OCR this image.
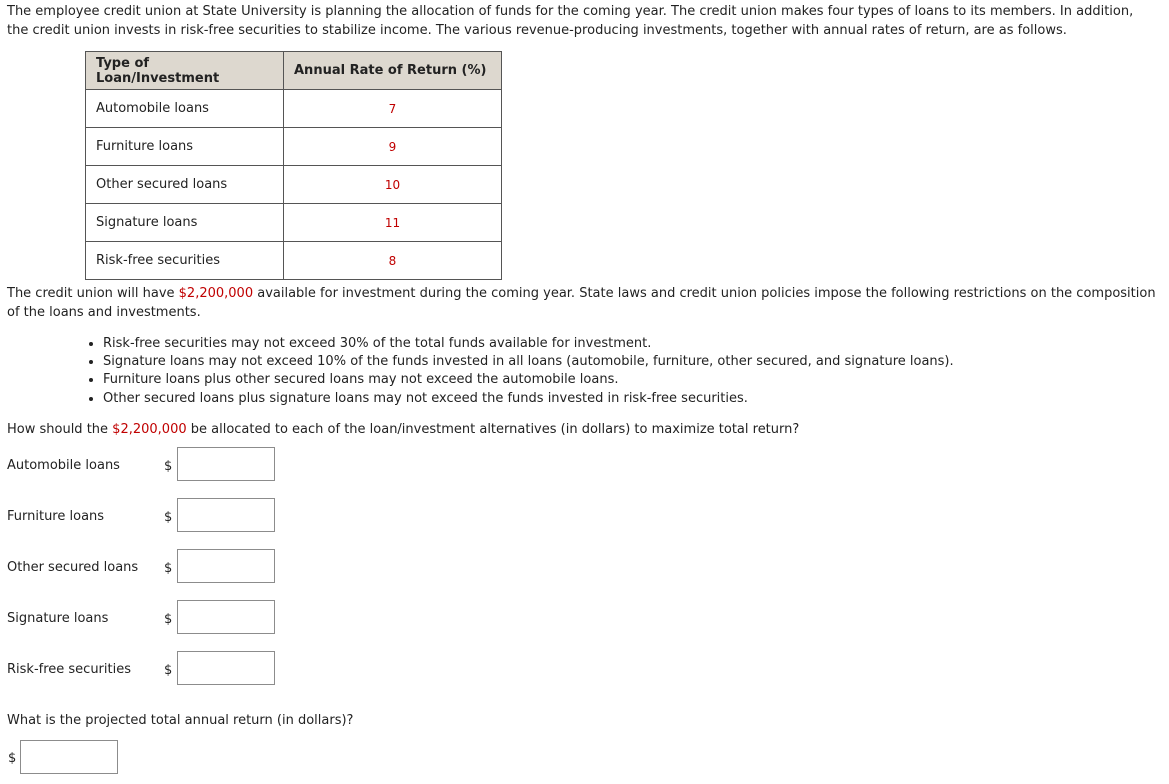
The employee credit union at State University is planning the allocation of funds for the coming year. The credit union makes four types of loans to its members. In addition,
the credit union invests in risk-free securities to stabilize income. The various revenue-producing investments, together with annual rates of return, are as follows.
Type of Loan/Investment	Annual Rate of Return (%)
Automobile loans	7
Furniture loans	9
Other secured loans	10
Signature loans	11
Risk-free securities	8
The credit union will have $2,200,000 available for investment during the coming year. State laws and credit union policies impose the following restrictions on the composition
of the loans and investments.
• Risk-free securities may not exceed 30% of the total funds available for investment.
• Signature loans may not exceed 10% of the funds invested in all loans (automobile, furniture, other secured, and signature loans).
• Furniture loans plus other secured loans may not exceed the automobile loans.
• Other secured loans plus signature loans may not exceed the funds invested in risk-free securities.
How should the $2,200,000 be allocated to each of the loan/investment alternatives (in dollars) to maximize total return?
Automobile loans	$
Furniture loans	$
Other secured loans $
Signature loans	$
Risk-free securities	$
What is the projected total annual return (in dollars)?
$
